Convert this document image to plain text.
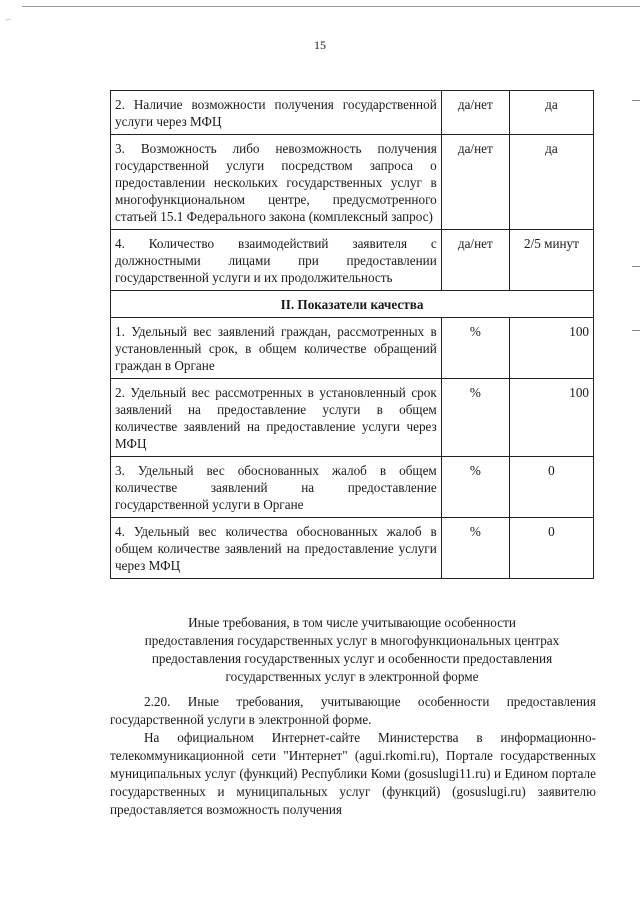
⌐
15
2. Наличие возможности получения государственной услуги через МФЦ	да/нет	да
3. Возможность либо невозможность получения государственной услуги посредством запроса о предоставлении нескольких государственных услуг в многофункциональном центре, предусмотренного статьей 15.1 Федерального закона (комплексный запрос)	да/нет	да
4. Количество взаимодействий заявителя с должностными лицами при предоставлении государственной услуги и их продолжительность	да/нет	2/5 минут
II. Показатели качества		
1. Удельный вес заявлений граждан, рассмотренных в установленный срок, в общем количестве обращений граждан в Органе	%	100
2. Удельный вес рассмотренных в установленный срок заявлений на предоставление услуги в общем количестве заявлений на предоставление услуги через МФЦ	%	100
3. Удельный вес обоснованных жалоб в общем количестве заявлений на предоставление государственной услуги в Органе	%	0
4. Удельный вес количества обоснованных жалоб в общем количестве заявлений на предоставление услуги через МФЦ	%	0
Иные требования, в том числе учитывающие особенности
предоставления государственных услуг в многофункциональных центрах
предоставления государственных услуг и особенности предоставления
государственных услуг в электронной форме

2.20. Иные требования, учитывающие особенности предоставления государственной услуги в электронной форме.

На официальном Интернет-сайте Министерства в информационно-телекоммуникационной сети "Интернет" (agui.rkomi.ru), Портале государственных муниципальных услуг (функций) Республики Коми (gosuslugi11.ru) и Едином портале государственных и муниципальных услуг (функций) (gosuslugi.ru) заявителю предоставляется возможность получения
